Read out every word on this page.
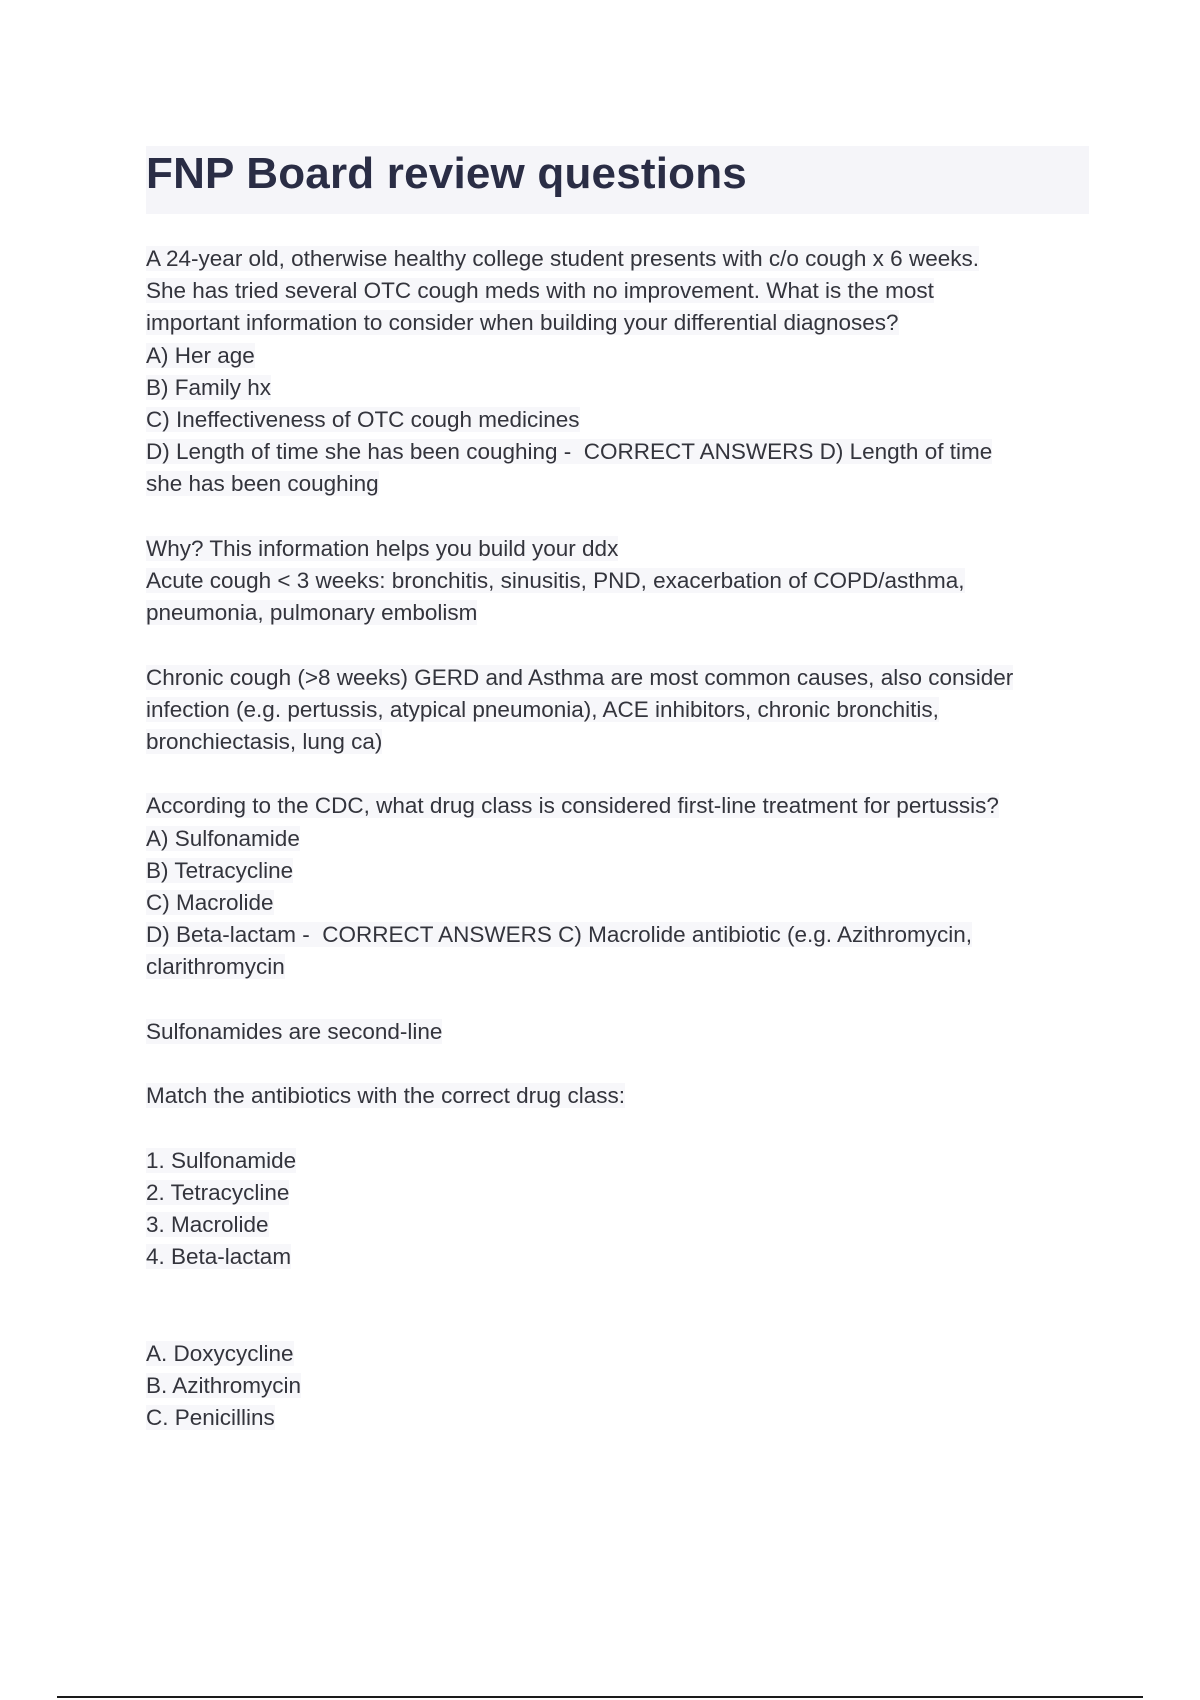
FNP Board review questions
A 24-year old, otherwise healthy college student presents with c/o cough x 6 weeks.
She has tried several OTC cough meds with no improvement. What is the most
important information to consider when building your differential diagnoses?
A) Her age
B) Family hx
C) Ineffectiveness of OTC cough medicines
D) Length of time she has been coughing -  CORRECT ANSWERS D) Length of time
she has been coughing
Why? This information helps you build your ddx
Acute cough < 3 weeks: bronchitis, sinusitis, PND, exacerbation of COPD/asthma,
pneumonia, pulmonary embolism
Chronic cough (>8 weeks) GERD and Asthma are most common causes, also consider
infection (e.g. pertussis, atypical pneumonia), ACE inhibitors, chronic bronchitis,
bronchiectasis, lung ca)
According to the CDC, what drug class is considered first-line treatment for pertussis?
A) Sulfonamide
B) Tetracycline
C) Macrolide
D) Beta-lactam -  CORRECT ANSWERS C) Macrolide antibiotic (e.g. Azithromycin,
clarithromycin
Sulfonamides are second-line
Match the antibiotics with the correct drug class:
1. Sulfonamide
2. Tetracycline
3. Macrolide
4. Beta-lactam
A. Doxycycline
B. Azithromycin
C. Penicillins
